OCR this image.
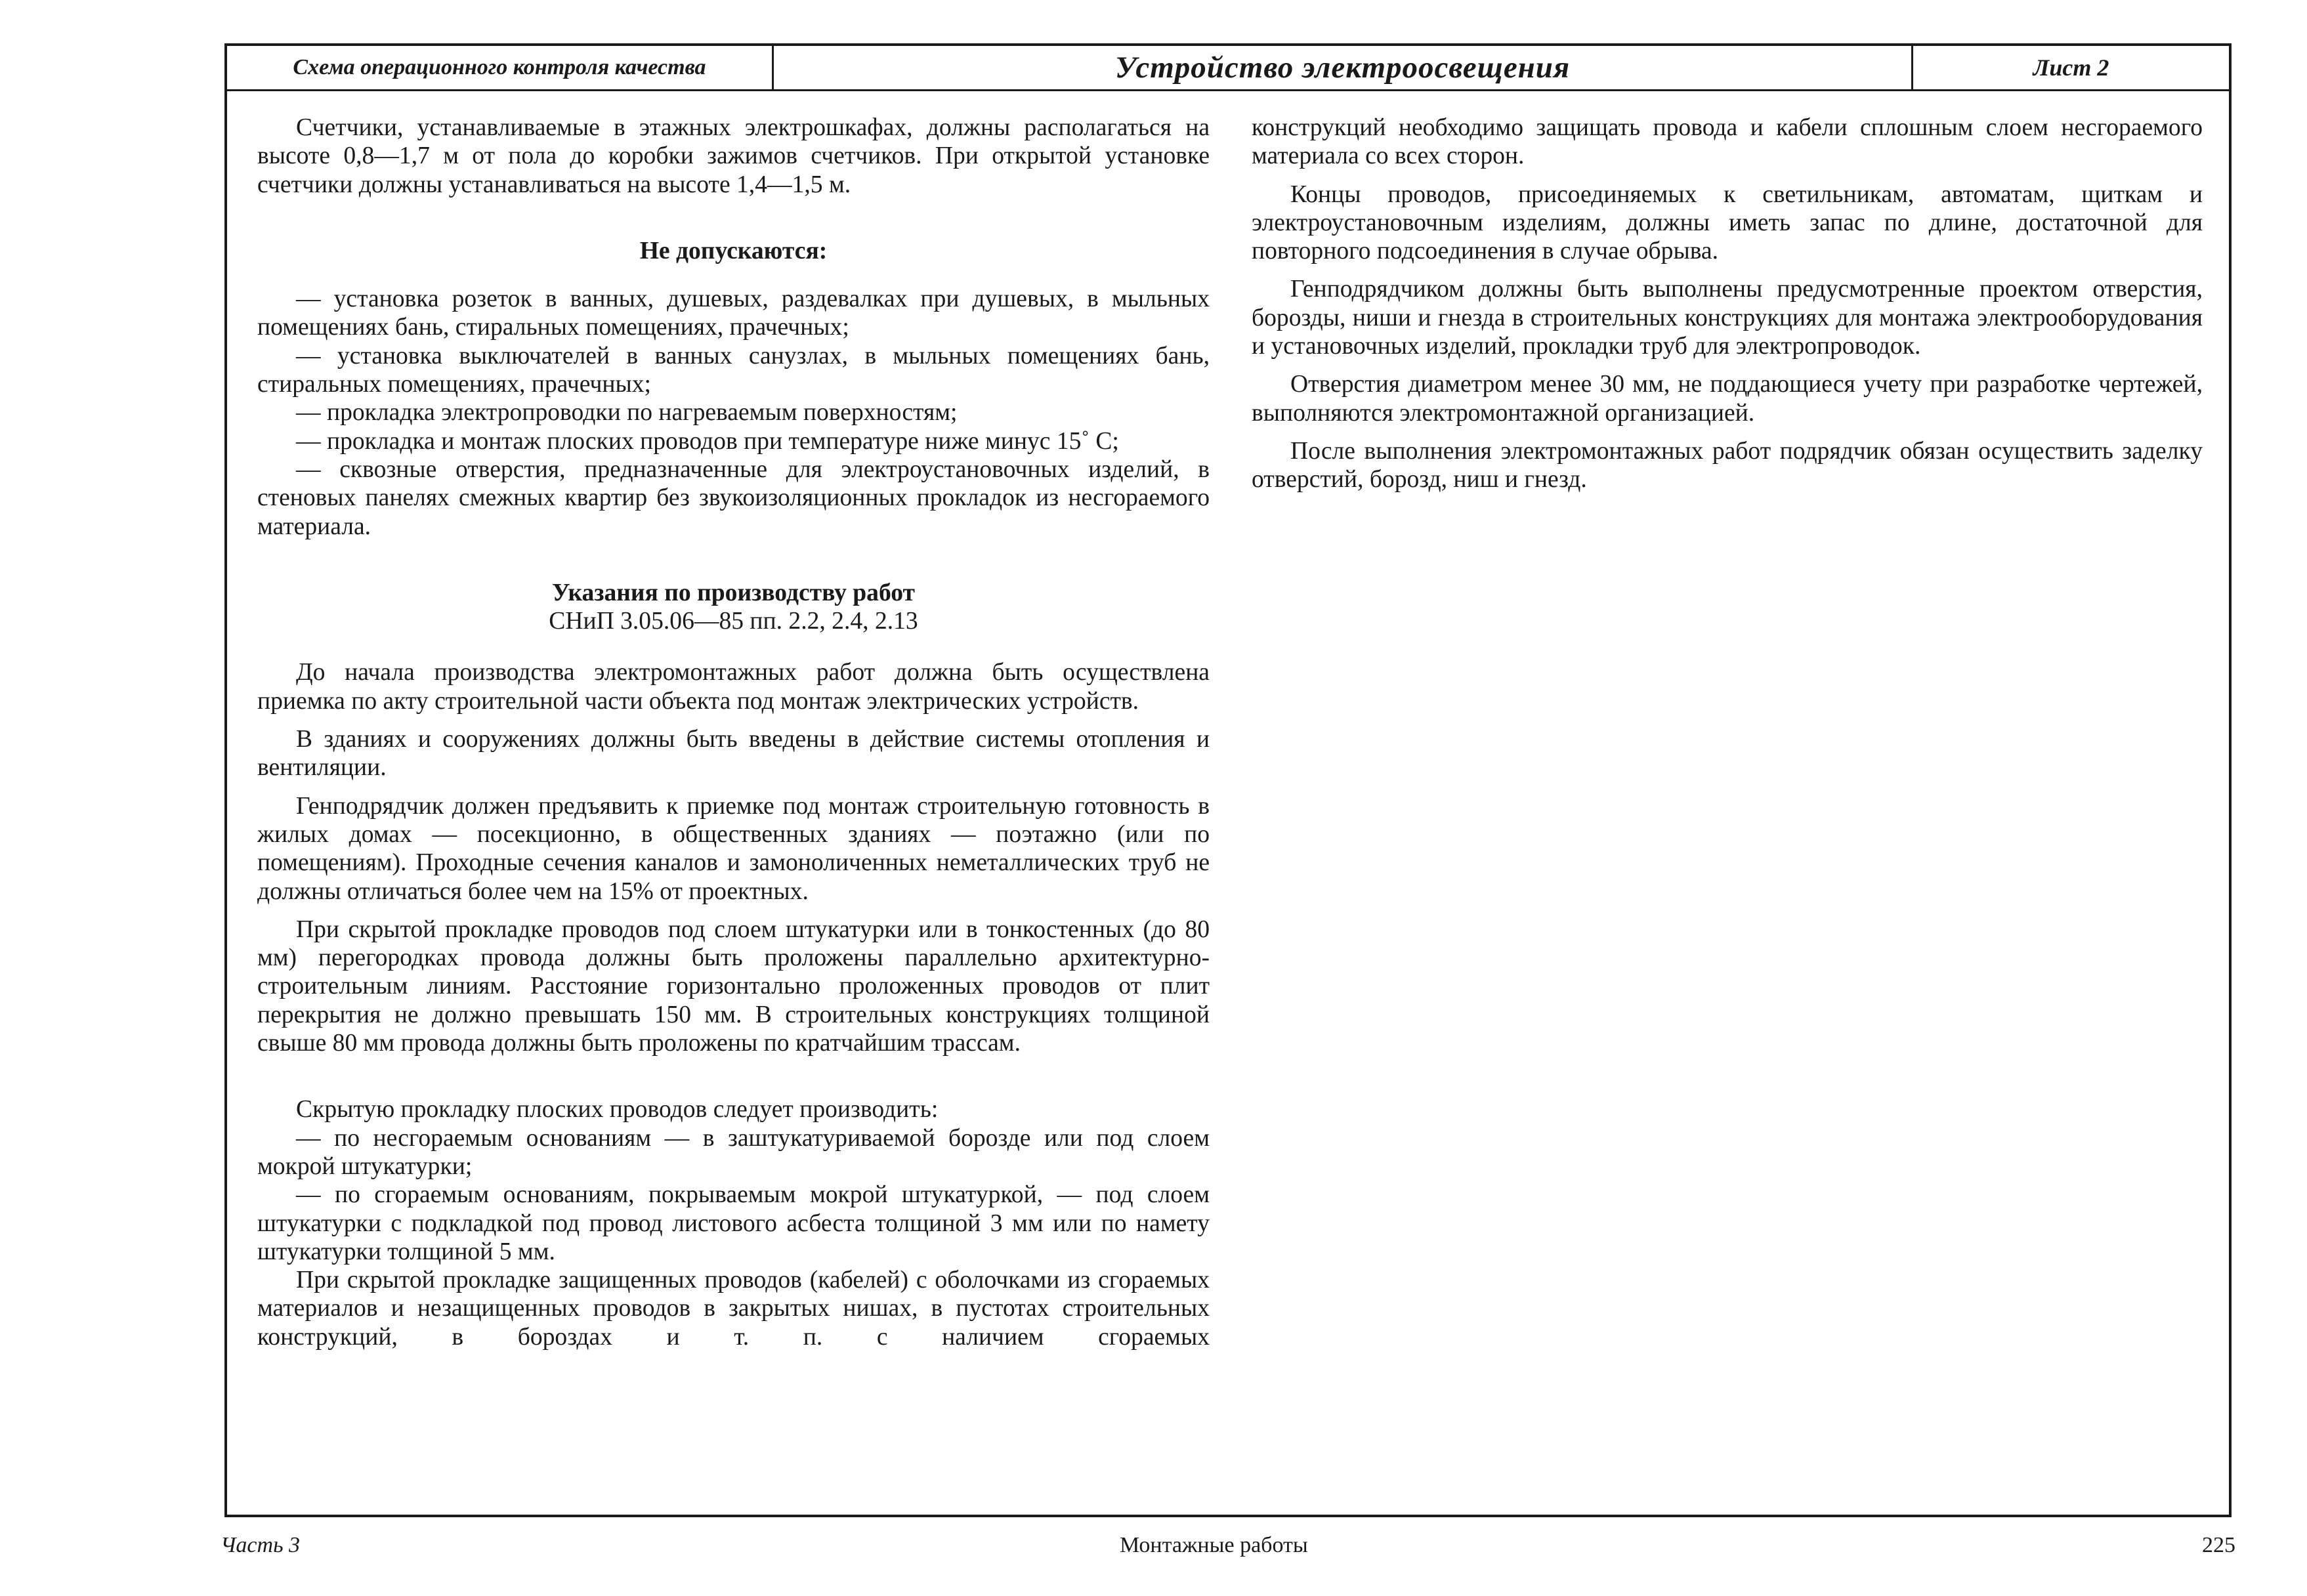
Схема операционного контроля качества	Устройство электроосвещения	Лист 2

Счетчики, устанавливаемые в этажных электрошкафах, должны располагаться на высоте 0,8—1,7 м от пола до коробки зажимов счетчиков. При открытой установке счетчики должны устанавливаться на высоте 1,4—1,5 м.

Не допускаются:

— установка розеток в ванных, душевых, раздевалках при душевых, в мыльных помещениях бань, стиральных помещениях, прачечных;

— установка выключателей в ванных санузлах, в мыльных помещениях бань, стиральных помещениях, прачечных;

— прокладка электропроводки по нагреваемым поверхностям;

— прокладка и монтаж плоских проводов при температуре ниже минус 15˚ С;

— сквозные отверстия, предназначенные для электроустановочных изделий, в стеновых панелях смежных квартир без звукоизоляционных прокладок из несгораемого материала.

Указания по производству работ

СНиП 3.05.06—85 пп. 2.2, 2.4, 2.13

До начала производства электромонтажных работ должна быть осуществлена приемка по акту строительной части объекта под монтаж электрических устройств.

В зданиях и сооружениях должны быть введены в действие системы отопления и вентиляции.

Генподрядчик должен предъявить к приемке под монтаж строительную готовность в жилых домах — посекционно, в общественных зданиях — поэтажно (или по помещениям). Проходные сечения каналов и замоноличенных неметаллических труб не должны отличаться более чем на 15% от проектных.

При скрытой прокладке проводов под слоем штукатурки или в тонкостенных (до 80 мм) перегородках провода должны быть проложены параллельно архитектурно-строительным линиям. Расстояние горизонтально проложенных проводов от плит перекрытия не должно превышать 150 мм. В строительных конструкциях толщиной свыше 80 мм провода должны быть проложены по кратчайшим трассам.

Скрытую прокладку плоских проводов следует производить:

— по несгораемым основаниям — в заштукатуриваемой борозде или под слоем мокрой штукатурки;

— по сгораемым основаниям, покрываемым мокрой штукатуркой, — под слоем штукатурки с подкладкой под провод листового асбеста толщиной 3 мм или по намету штукатурки толщиной 5 мм.

При скрытой прокладке защищенных проводов (кабелей) с оболочками из сгораемых материалов и незащищенных проводов в закрытых нишах, в пустотах строительных конструкций, в бороздах и т. п. с наличием сгораемых

конструкций необходимо защищать провода и кабели сплошным слоем несгораемого материала со всех сторон.

Концы проводов, присоединяемых к светильникам, автоматам, щиткам и электроустановочным изделиям, должны иметь запас по длине, достаточной для повторного подсоединения в случае обрыва.

Генподрядчиком должны быть выполнены предусмотренные проектом отверстия, борозды, ниши и гнезда в строительных конструкциях для монтажа электрооборудования и установочных изделий, прокладки труб для электропроводок.

Отверстия диаметром менее 30 мм, не поддающиеся учету при разработке чертежей, выполняются электромонтажной организацией.

После выполнения электромонтажных работ подрядчик обязан осуществить заделку отверстий, борозд, ниш и гнезд.

Часть 3	Монтажные работы	225
